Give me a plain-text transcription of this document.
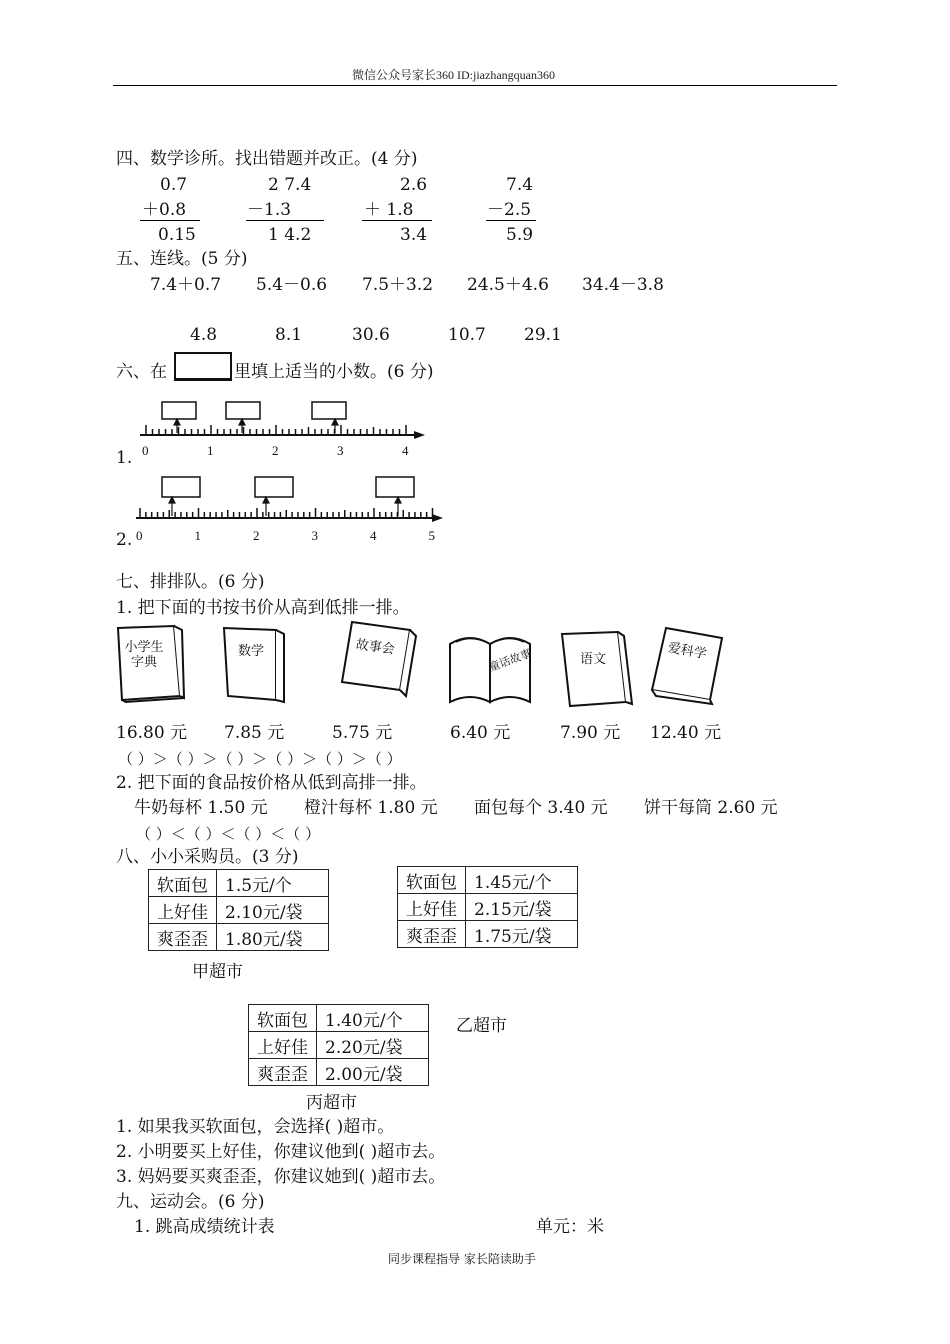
微信公众号家长360 ID:jiazhangquan360
四、数学诊所。找出错题并改正。(4 分)
0.7	2 7.4	2.6	7.4
＋0.8	－1.3	＋ 1.8	－2.5
0.15	1 4.2	3.4	5.9
五、连线。(5 分)
7.4＋0.7 5.4－0.6 7.5＋3.2 24.5＋4.6 34.4－3.8
4.8	8.1	30.6	10.7 29.1
六、在	里填上适当的小数。(6 分)
1. 0	1	2	3	4
2. 0	1	2	3	4	5
七、排排队。(6 分)
1. 把下面的书按书价从高到低排一排。
小学生
字典
数学	故事会	童话故事	语文	爱科学
16.80 元 7.85 元	5.75 元	6.40 元	7.90 元 12.40 元
（ ）＞（ ）＞（ ）＞（ ）＞（ ）＞（ ）
2. 把下面的食品按价格从低到高排一排。
牛奶每杯 1.50 元 橙汁每杯 1.80 元 面包每个 3.40 元 饼干每筒 2.60 元
（ ）＜（ ）＜（ ）＜（ ）
八、小小采购员。(3 分)
软面包	1.5元/个
上好佳	2.10元/袋
爽歪歪	1.80元/袋
甲超市
软面包	1.45元/个
上好佳	2.15元/袋
爽歪歪	1.75元/袋
乙超市
软面包	1.40元/个
上好佳	2.20元/袋
爽歪歪	2.00元/袋
丙超市
1. 如果我买软面包，会选择( )超市。
2. 小明要买上好佳，你建议他到( )超市去。
3. 妈妈要买爽歪歪，你建议她到( )超市去。
九、运动会。(6 分)
1. 跳高成绩统计表	单元：米
同步课程指导 家长陪读助手
